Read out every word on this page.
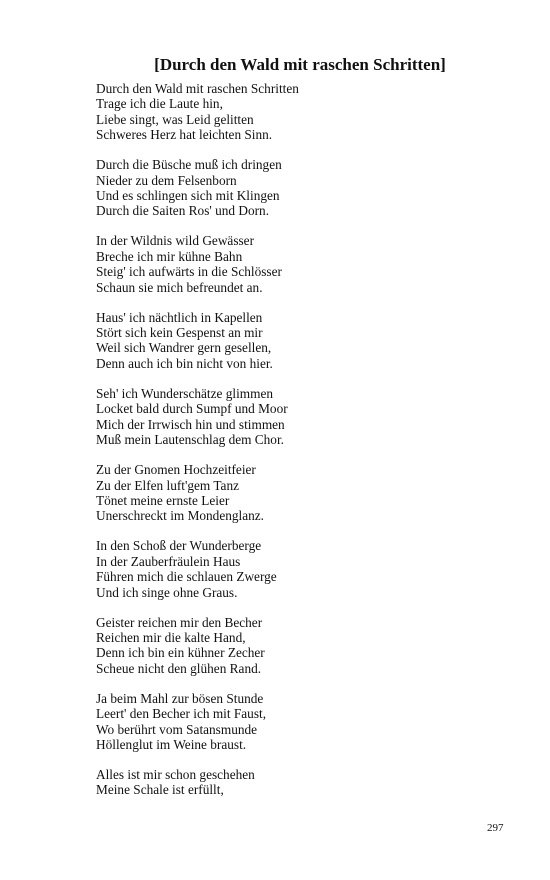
[Durch den Wald mit raschen Schritten]
Durch den Wald mit raschen Schritten
Trage ich die Laute hin,
Liebe singt, was Leid gelitten
Schweres Herz hat leichten Sinn.
Durch die Büsche muß ich dringen
Nieder zu dem Felsenborn
Und es schlingen sich mit Klingen
Durch die Saiten Ros' und Dorn.
In der Wildnis wild Gewässer
Breche ich mir kühne Bahn
Steig' ich aufwärts in die Schlösser
Schaun sie mich befreundet an.
Haus' ich nächtlich in Kapellen
Stört sich kein Gespenst an mir
Weil sich Wandrer gern gesellen,
Denn auch ich bin nicht von hier.
Seh' ich Wunderschätze glimmen
Locket bald durch Sumpf und Moor
Mich der Irrwisch hin und stimmen
Muß mein Lautenschlag dem Chor.
Zu der Gnomen Hochzeitfeier
Zu der Elfen luft'gem Tanz
Tönet meine ernste Leier
Unerschreckt im Mondenglanz.
In den Schoß der Wunderberge
In der Zauberfräulein Haus
Führen mich die schlauen Zwerge
Und ich singe ohne Graus.
Geister reichen mir den Becher
Reichen mir die kalte Hand,
Denn ich bin ein kühner Zecher
Scheue nicht den glühen Rand.
Ja beim Mahl zur bösen Stunde
Leert' den Becher ich mit Faust,
Wo berührt vom Satansmunde
Höllenglut im Weine braust.
Alles ist mir schon geschehen
Meine Schale ist erfüllt,
297
